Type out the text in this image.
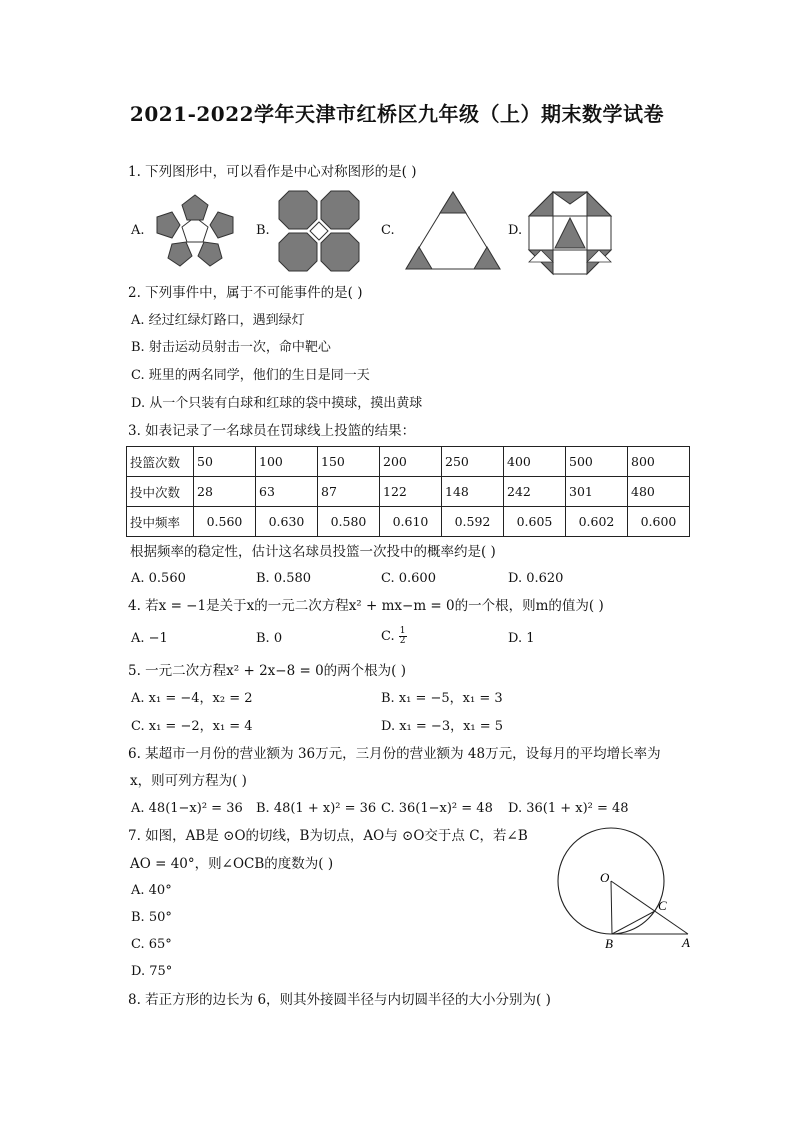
2021-2022学年天津市红桥区九年级（上）期末数学试卷
1. 下列图形中，可以看作是中心对称图形的是( )
A.	B.	C.	D.
2. 下列事件中，属于不可能事件的是( )
A. 经过红绿灯路口，遇到绿灯
B. 射击运动员射击一次，命中靶心
C. 班里的两名同学，他们的生日是同一天
D. 从一个只装有白球和红球的袋中摸球，摸出黄球
3. 如表记录了一名球员在罚球线上投篮的结果：
投篮次数	50	100	150	200	250	400	500	800
投中次数	28	63	87	122	148	242	301	480
投中频率	0.560	0.630	0.580	0.610	0.592	0.605	0.602	0.600
根据频率的稳定性，估计这名球员投篮一次投中的概率约是( )
A. 0.560	B. 0.580	C. 0.600	D. 0.620
4. 若x = −1是关于x的一元二次方程x² + mx−m = 0的一个根，则m的值为( )
A. −1	B. 0	C. $\frac{1}{2}$	D. 1
5. 一元二次方程x² + 2x−8 = 0的两个根为( )
A. x₁ = −4，x₂ = 2	B. x₁ = −5，x₁ = 3
C. x₁ = −2，x₁ = 4	D. x₁ = −3，x₁ = 5
6. 某超市一月份的营业额为 36万元，三月份的营业额为 48万元，设每月的平均增长率为
x，则可列方程为( )
A. 48(1−x)² = 36 B. 48(1 + x)² = 36 C. 36(1−x)² = 48 D. 36(1 + x)² = 48
7. 如图，AB是 ⊙O的切线，B为切点，AO与 ⊙O交于点 C，若∠B
AO = 40°，则∠OCB的度数为( )
A. 40°
B. 50°
C. 65°
D. 75°
O
C
B	A
8. 若正方形的边长为 6，则其外接圆半径与内切圆半径的大小分别为( )
